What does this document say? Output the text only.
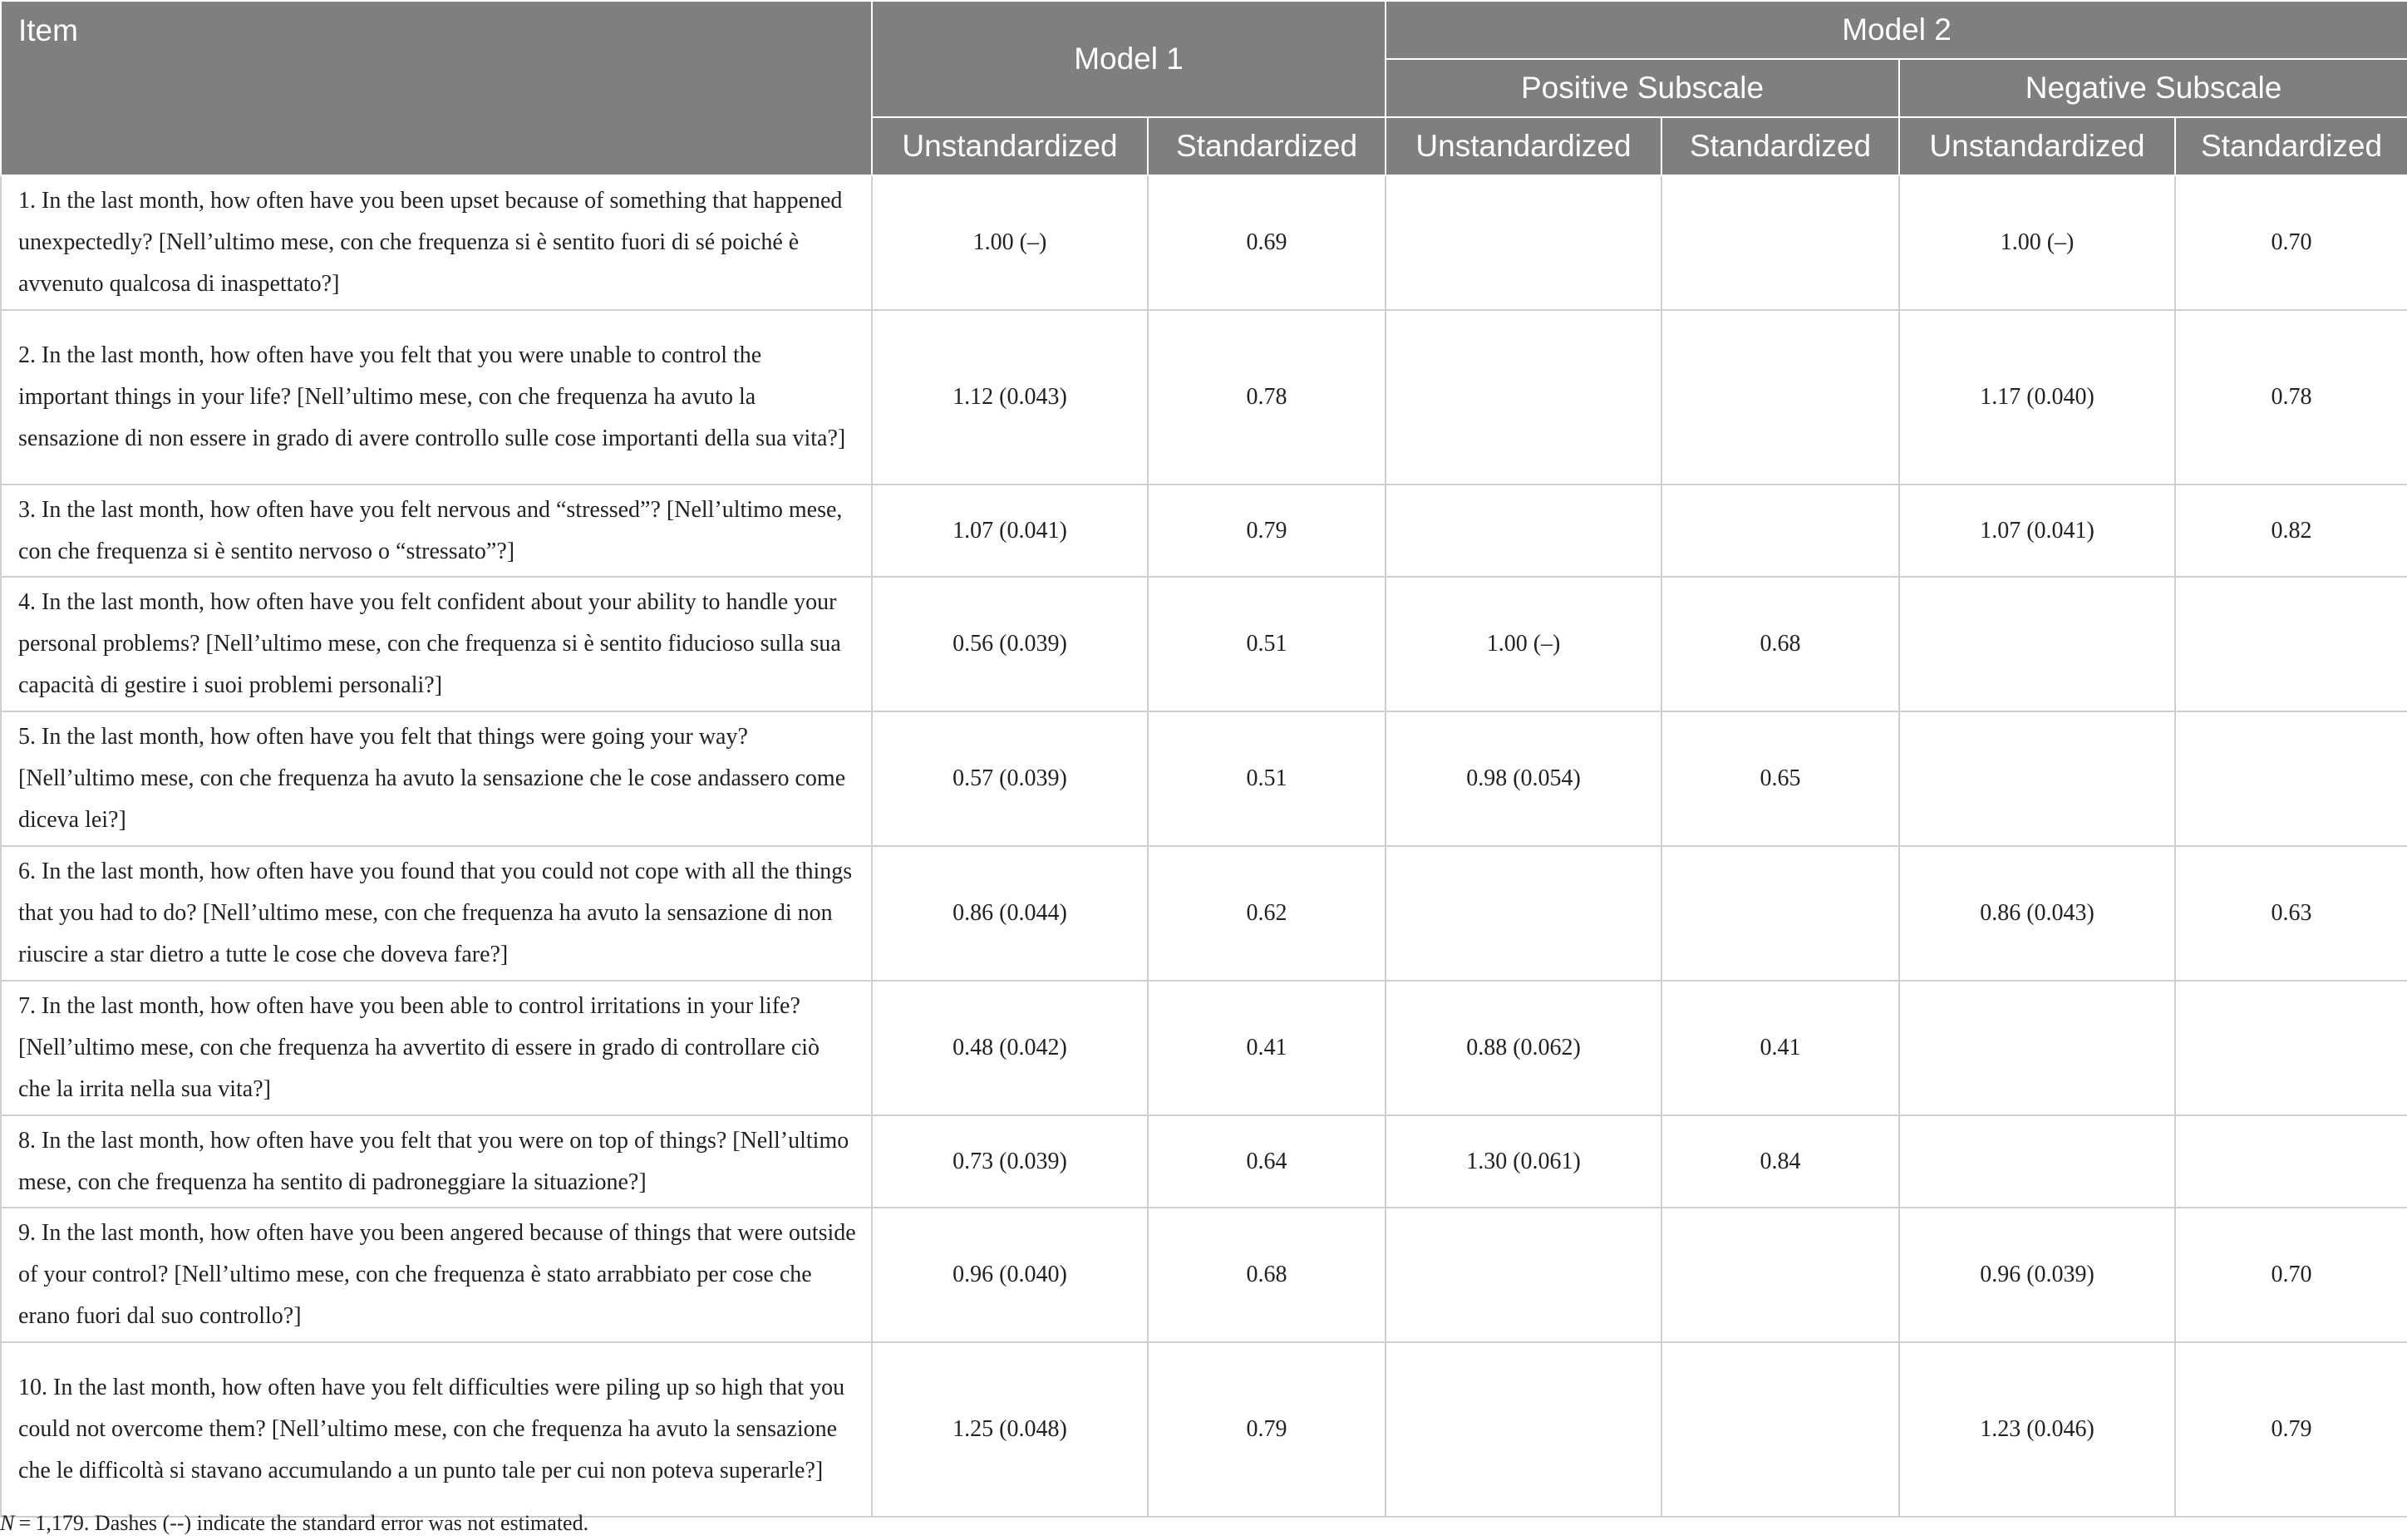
Item	Model 1		Model 2			
			Positive Subscale		Negative Subscale	
	Unstandardized	Standardized	Unstandardized	Standardized	Unstandardized	Standardized
1. In the last month, how often have you been upset because of something that happened unexpectedly? [Nell’ultimo mese, con che frequenza si è sentito fuori di sé poiché è avvenuto qualcosa di inaspettato?]	1.00 (–)	0.69			1.00 (–)	0.70
2. In the last month, how often have you felt that you were unable to control the important things in your life? [Nell’ultimo mese, con che frequenza ha avuto la sensazione di non essere in grado di avere controllo sulle cose importanti della sua vita?]	1.12 (0.043)	0.78			1.17 (0.040)	0.78
3. In the last month, how often have you felt nervous and “stressed”? [Nell’ultimo mese, con che frequenza si è sentito nervoso o “stressato”?]	1.07 (0.041)	0.79			1.07 (0.041)	0.82
4. In the last month, how often have you felt confident about your ability to handle your personal problems? [Nell’ultimo mese, con che frequenza si è sentito fiducioso sulla sua capacità di gestire i suoi problemi personali?]	0.56 (0.039)	0.51	1.00 (–)	0.68		
5. In the last month, how often have you felt that things were going your way? [Nell’ultimo mese, con che frequenza ha avuto la sensazione che le cose andassero come diceva lei?]	0.57 (0.039)	0.51	0.98 (0.054)	0.65		
6. In the last month, how often have you found that you could not cope with all the things that you had to do? [Nell’ultimo mese, con che frequenza ha avuto la sensazione di non riuscire a star dietro a tutte le cose che doveva fare?]	0.86 (0.044)	0.62			0.86 (0.043)	0.63
7. In the last month, how often have you been able to control irritations in your life? [Nell’ultimo mese, con che frequenza ha avvertito di essere in grado di controllare ciò che la irrita nella sua vita?]	0.48 (0.042)	0.41	0.88 (0.062)	0.41		
8. In the last month, how often have you felt that you were on top of things? [Nell’ultimo mese, con che frequenza ha sentito di padroneggiare la situazione?]	0.73 (0.039)	0.64	1.30 (0.061)	0.84		
9. In the last month, how often have you been angered because of things that were outside of your control? [Nell’ultimo mese, con che frequenza è stato arrabbiato per cose che erano fuori dal suo controllo?]	0.96 (0.040)	0.68			0.96 (0.039)	0.70
10. In the last month, how often have you felt difficulties were piling up so high that you could not overcome them? [Nell’ultimo mese, con che frequenza ha avuto la sensazione che le difficoltà si stavano accumulando a un punto tale per cui non poteva superarle?]	1.25 (0.048)	0.79			1.23 (0.046)	0.79
N = 1,179. Dashes (--) indicate the standard error was not estimated.
